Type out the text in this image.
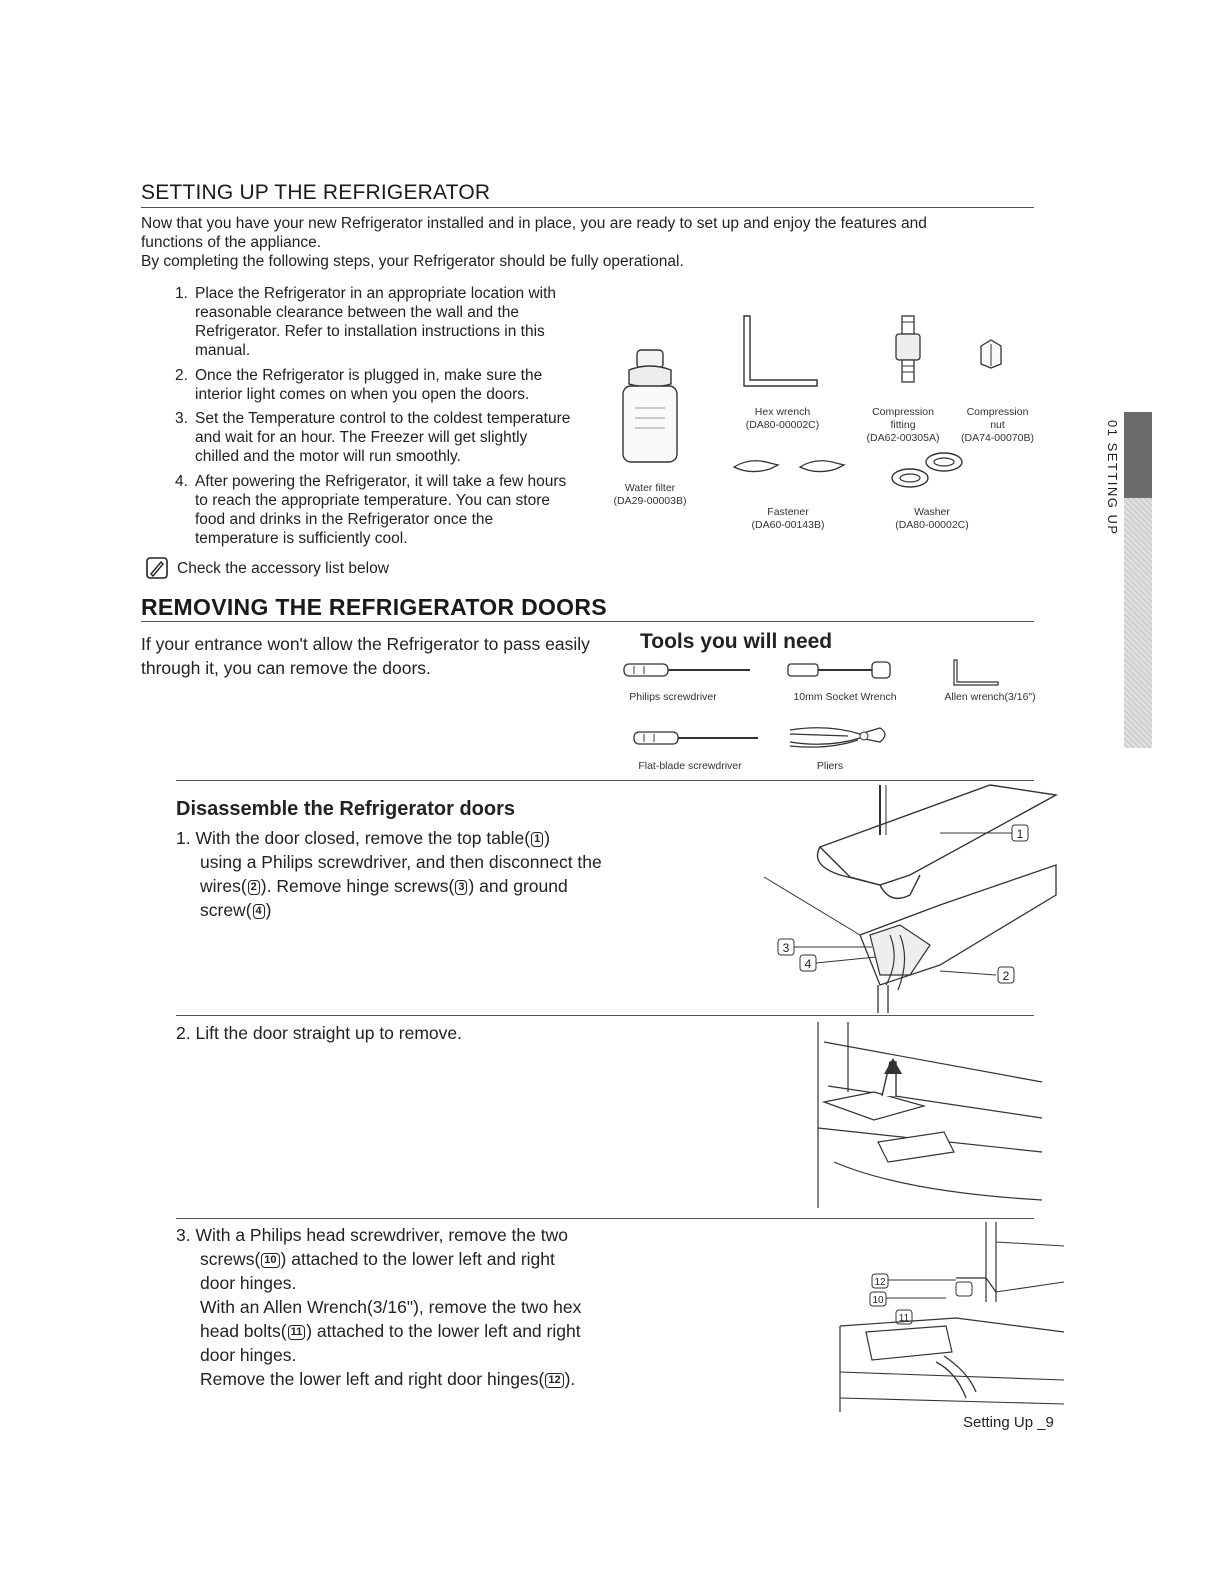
SETTING UP THE REFRIGERATOR
Now that you have your new Refrigerator installed and in place, you are ready to set up and enjoy the features and
functions of the appliance.
By completing the following steps, your Refrigerator should be fully operational.
1. Place the Refrigerator in an appropriate location with reasonable clearance between the wall and the Refrigerator. Refer to installation instructions in this manual.
2. Once the Refrigerator is plugged in, make sure the interior light comes on when you open the doors.
3. Set the Temperature control to the coldest temperature and wait for an hour. The Freezer will get slightly chilled and the motor will run smoothly.
4. After powering the Refrigerator, it will take a few hours to reach the appropriate temperature. You can store food and drinks in the Refrigerator once the temperature is sufficiently cool.
Check the accessory list below
Water filter
(DA29-00003B)
Hex wrench
(DA80-00002C)
Compression
fitting
(DA62-00305A)
Compression
nut
(DA74-00070B)
Fastener
(DA60-00143B)
Washer
(DA80-00002C)
REMOVING THE REFRIGERATOR DOORS
If your entrance won't allow the Refrigerator to pass easily
through it, you can remove the doors.
Tools you will need
Philips screwdriver	10mm Socket Wrench	Allen wrench(3/16")
Flat-blade screwdriver	Pliers
Disassemble the Refrigerator doors
1. With the door closed, remove the top table( 1 )
using a Philips screwdriver, and then disconnect the
wires( 2 ). Remove hinge screws( 3 ) and ground
screw( 4 )
1
2
3
4
2. Lift the door straight up to remove.
3. With a Philips head screwdriver, remove the two
screws( 10 ) attached to the lower left and right
door hinges.
With an Allen Wrench(3/16"), remove the two hex
head bolts( 11 ) attached to the lower left and right
door hinges.
Remove the lower left and right door hinges( 12 ).
12
10
11
Setting Up _9
01 SETTING UP
